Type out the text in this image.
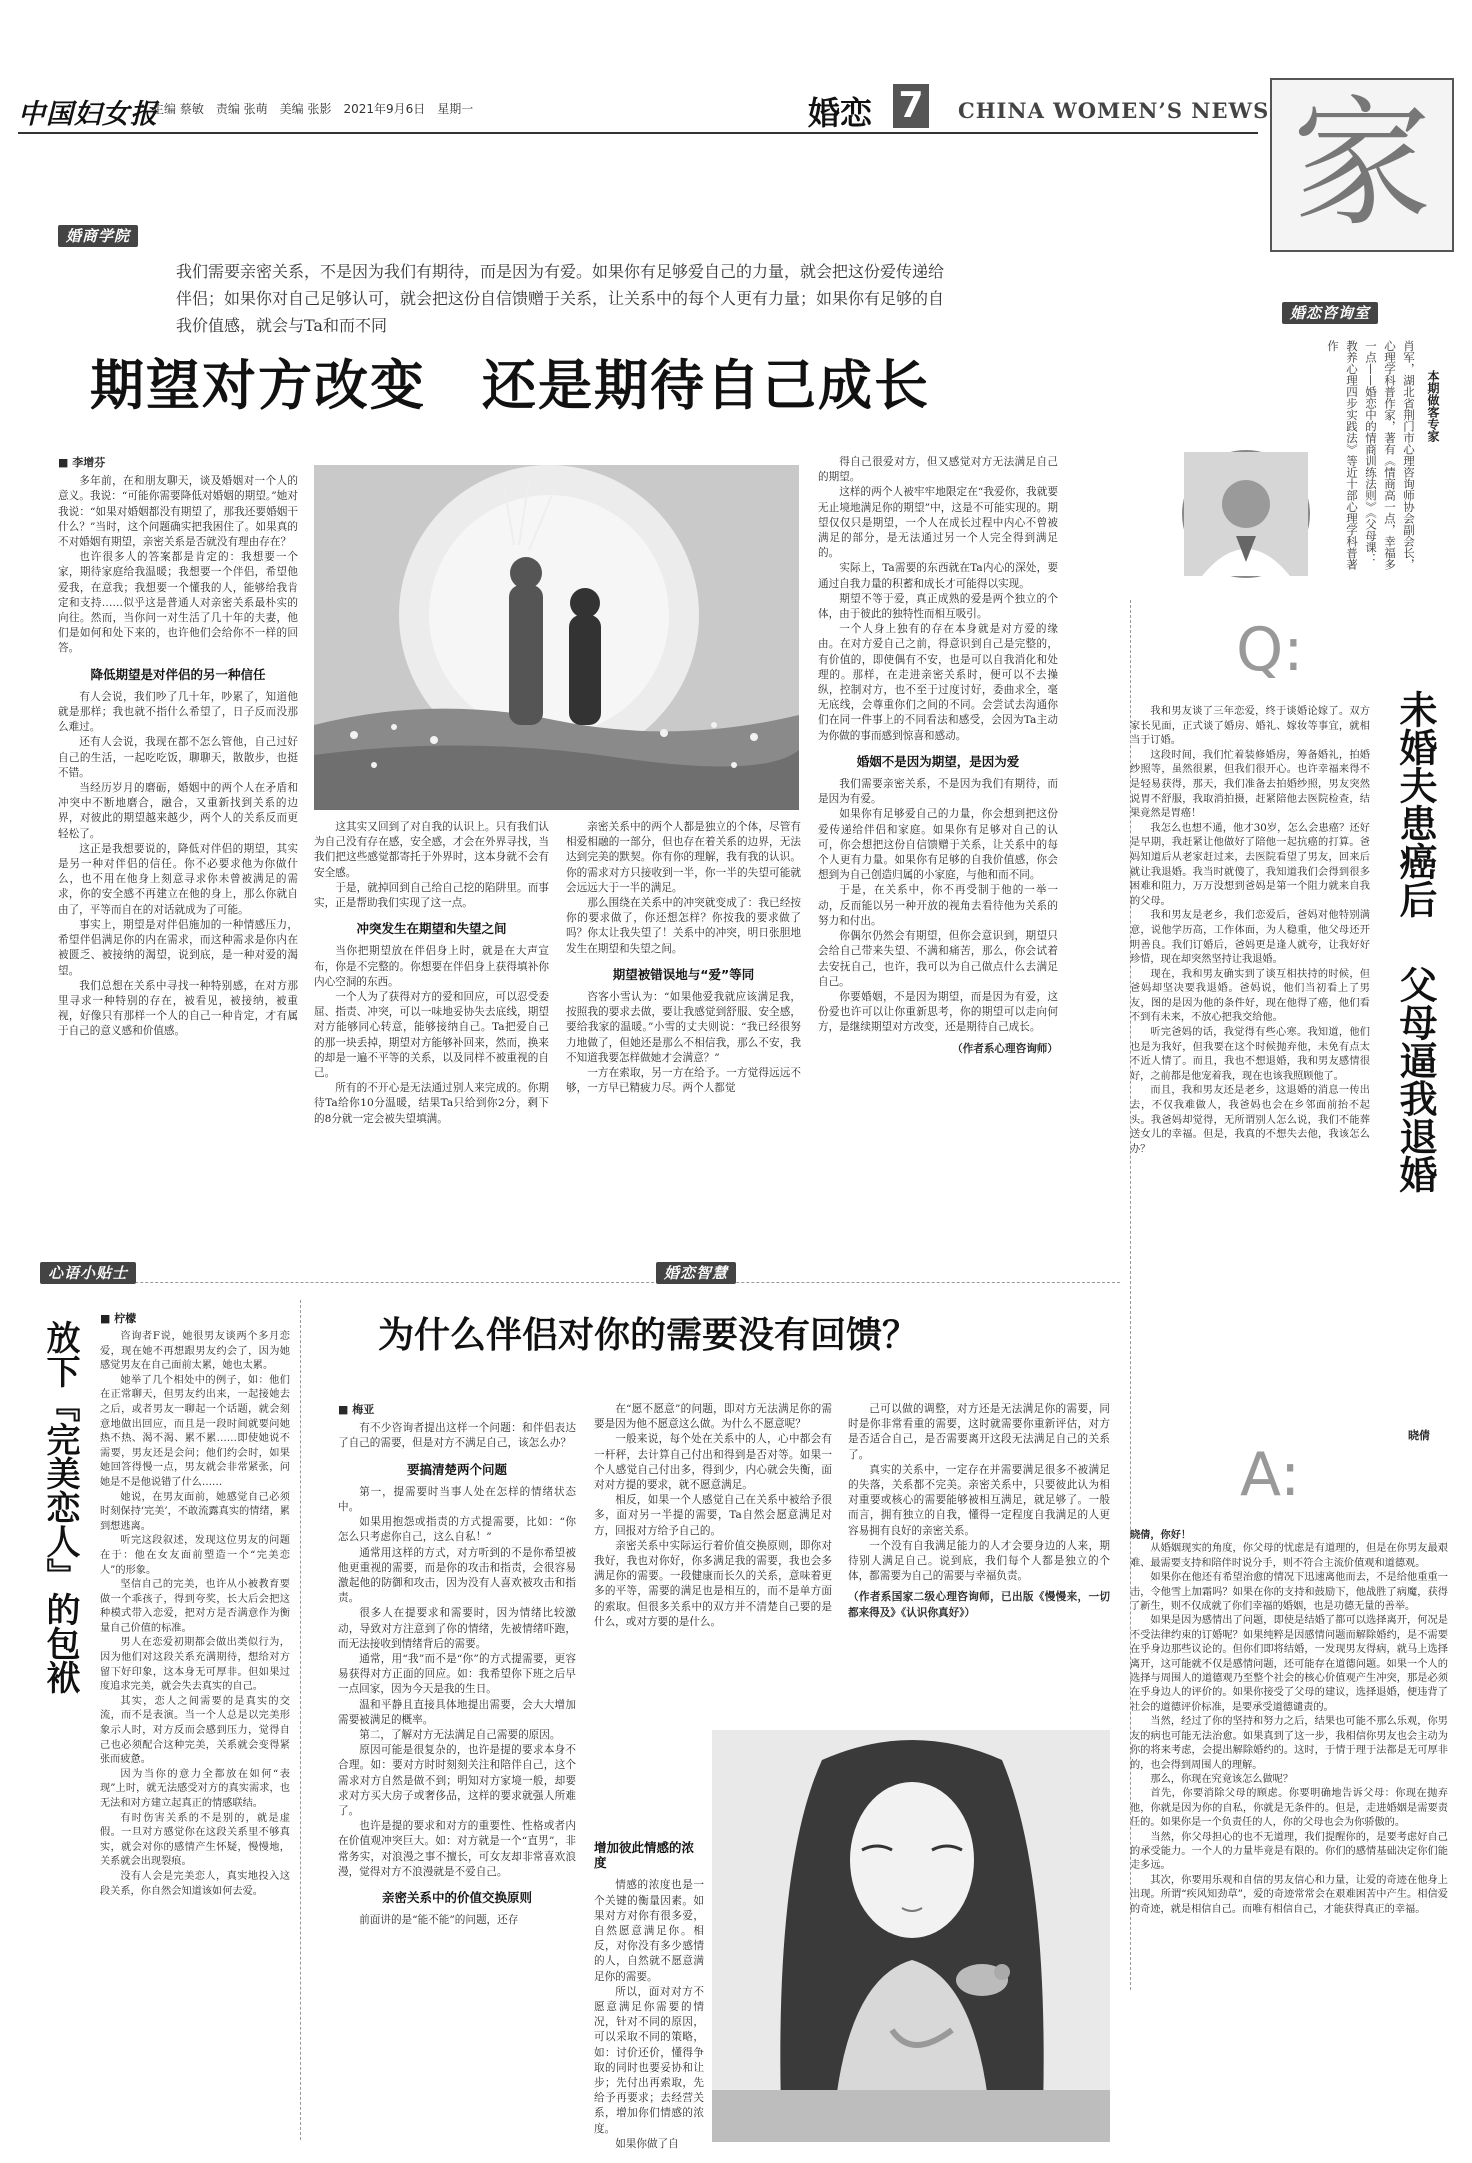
中国妇女报
主编 蔡敏　责编 张萌　美编 张影　2021年9月6日　星期一	婚恋 7 CHINA WOMEN’S NEWS 家
婚商学院
我们需要亲密关系，不是因为我们有期待，而是因为有爱。如果你有足够爱自己的力量，就会把这份爱传递给伴侣；如果你对自己足够认可，就会把这份自信馈赠于关系，让关系中的每个人更有力量；如果你有足够的自我价值感，就会与Ta和而不同
期望对方改变　还是期待自己成长
■ 李增芬

多年前，在和朋友聊天，谈及婚姻对一个人的意义。我说：“可能你需要降低对婚姻的期望。”她对我说：“如果对婚姻都没有期望了，那我还要婚姻干什么？”当时，这个问题确实把我困住了。如果真的不对婚姻有期望，亲密关系是否就没有理由存在？

也许很多人的答案都是肯定的：我想要一个家，期待家庭给我温暖；我想要一个伴侣，希望他爱我，在意我；我想要一个懂我的人，能够给我肯定和支持……似乎这是普通人对亲密关系最朴实的向往。然而，当你问一对生活了几十年的夫妻，他们是如何和处下来的，也许他们会给你不一样的回答。

降低期望是对伴侣的另一种信任

有人会说，我们吵了几十年，吵累了，知道他就是那样；我也就不指什么希望了，日子反而没那么难过。

还有人会说，我现在都不怎么管他，自己过好自己的生活，一起吃吃饭，聊聊天，散散步，也挺不错。

当经历岁月的磨砺，婚姻中的两个人在矛盾和冲突中不断地磨合，融合，又重新找到关系的边界，对彼此的期望越来越少，两个人的关系反而更轻松了。

这正是我想要说的，降低对伴侣的期望，其实是另一种对伴侣的信任。你不必要求他为你做什么，也不用在他身上刻意寻求你未曾被满足的需求，你的安全感不再建立在他的身上，那么你就自由了，平等而自在的对话就成为了可能。

事实上，期望是对伴侣施加的一种情感压力，希望伴侣满足你的内在需求，而这种需求是你内在被匮乏、被接纳的渴望，说到底，是一种对爱的渴望。

我们总想在关系中寻找一种特别感，在对方那里寻求一种特别的存在，被看见，被接纳，被重视，好像只有那样一个人的自己一种肯定，才有属于自己的意义感和价值感。

这其实又回到了对自我的认识上。只有我们认为自己没有存在感，安全感，才会在外界寻找，当我们把这些感觉都寄托于外界时，这本身就不会有安全感。

于是，就掉回到自己给自己挖的陷阱里。而事实，正是帮助我们实现了这一点。

冲突发生在期望和失望之间

当你把期望放在伴侣身上时，就是在大声宣布，你是不完整的。你想要在伴侣身上获得填补你内心空洞的东西。

一个人为了获得对方的爱和回应，可以忍受委屈、指责、冲突，可以一味地妥协失去底线，期望对方能够同心转意，能够接纳自己。Ta把爱自己的那一块丢掉，期望对方能够补回来，然而，换来的却是一遍不平等的关系，以及同样不被重视的自己。

所有的不开心是无法通过别人来完成的。你期待Ta给你10分温暖，结果Ta只给到你2分，剩下的8分就一定会被失望填满。

亲密关系中的两个人都是独立的个体，尽管有相爱相融的一部分，但也存在着关系的边界，无法达到完美的默契。你有你的理解，我有我的认识。你的需求对方只接收到一半，你一半的失望可能就会远远大于一半的满足。

那么围绕在关系中的冲突就变成了：我已经按你的要求做了，你还想怎样？你按我的要求做了吗？你太让我失望了！关系中的冲突，明日张胆地发生在期望和失望之间。

期望被错误地与“爱”等同

咨客小雪认为：“如果他爱我就应该满足我，按照我的要求去做，要让我感觉到舒服、安全感，要给我家的温暖。”小雪的丈夫则说：“我已经很努力地做了，但她还是那么不相信我，那么不安，我不知道我要怎样做她才会满意？”

一方在索取，另一方在给予。一方觉得远远不够，一方早已精疲力尽。两个人都觉

得自己很爱对方，但又感觉对方无法满足自己的期望。

这样的两个人被牢牢地限定在“我爱你，我就要无止境地满足你的期望”中，这是不可能实现的。期望仅仅只是期望，一个人在成长过程中内心不曾被满足的部分，是无法通过另一个人完全得到满足的。

实际上，Ta需要的东西就在Ta内心的深处，要通过自我力量的积蓄和成长才可能得以实现。

期望不等于爱，真正成熟的爱是两个独立的个体，由于彼此的独特性而相互吸引。

一个人身上独有的存在本身就是对方爱的缘由。在对方爱自己之前，得意识到自己是完整的，有价值的，即使偶有不安，也是可以自我消化和处理的。那样，在走进亲密关系时，便可以不去操纵，控制对方，也不至于过度讨好，委曲求全，毫无底线，会尊重你们之间的不同。会尝试去沟通你们在同一件事上的不同看法和感受，会因为Ta主动为你做的事而感到惊喜和感动。

婚姻不是因为期望，是因为爱

我们需要亲密关系，不是因为我们有期待，而是因为有爱。

如果你有足够爱自己的力量，你会想到把这份爱传递给伴侣和家庭。如果你有足够对自己的认可，你会想把这份自信馈赠于关系，让关系中的每个人更有力量。如果你有足够的自我价值感，你会想到为自己创造归属的小家庭，与他和而不同。

于是，在关系中，你不再受制于他的一举一动，反而能以另一种开放的视角去看待他为关系的努力和付出。

你偶尔仍然会有期望，但你会意识到，期望只会给自己带来失望、不满和痛苦，那么，你会试着去安抚自己，也许，我可以为自己做点什么去满足自己。

你要婚姻，不是因为期望，而是因为有爱，这份爱也许可以让你重新思考，你的期望可以走向何方，是继续期望对方改变，还是期待自己成长。

（作者系心理咨询师）
婚恋咨询室
本期做客专家
肖军，湖北省荆门市心理咨询师协会副会长，心理学科普作家，著有《情商高一点，幸福多一点——婚恋中的情商训练法则》《父母课：教养心理四步实践法》等近十部心理学科普著作
Q:
未婚夫患癌后
父母逼我退婚

我和男友谈了三年恋爱，终于谈婚论嫁了。双方家长见面，正式谈了婚房、婚礼、嫁妆等事宜，就相当于订婚。

这段时间，我们忙着装修婚房，筹备婚礼，拍婚纱照等，虽然很累，但我们很开心。也许幸福来得不是轻易获得，那天，我们准备去拍婚纱照，男友突然说胃不舒服，我取消拍摄，赶紧陪他去医院检查，结果竟然是胃癌！

我怎么也想不通，他才30岁，怎么会患癌？还好是早期，我赶紧让他做好了陪他一起抗癌的打算。爸妈知道后从老家赶过来，去医院看望了男友，回来后就让我退婚。我当时就傻了，我知道我们会得到很多困难和阻力，万万没想到爸妈是第一个阻力就来自我的父母。

我和男友是老乡，我们恋爱后，爸妈对他特别满意，说他学历高，工作体面，为人稳重，他父母还开明善良。我们订婚后，爸妈更是逢人就夸，让我好好珍惜，现在却突然坚持让我退婚。

现在，我和男友确实到了谈互相扶持的时候，但爸妈却坚决要我退婚。爸妈说，他们当初看上了男友，图的是因为他的条件好，现在他得了癌，他们看不到有未来，不放心把我交给他。

听完爸妈的话，我觉得有些心寒。我知道，他们也是为我好，但我要在这个时候抛弃他，未免有点太不近人情了。而且，我也不想退婚，我和男友感情很好，之前都是他宠着我，现在也该我照顾他了。

而且，我和男友还是老乡，这退婚的消息一传出去，不仅我难做人，我爸妈也会在乡邻面前抬不起头。我爸妈却觉得，无所谓别人怎么说，我们不能葬送女儿的幸福。但是，我真的不想失去他，我该怎么办？

晓倩
A:

晓倩，你好！

从婚姻现实的角度，你父母的忧虑是有道理的，但是在你男友最艰难、最需要支持和陪伴时说分手，则不符合主流价值观和道德观。

如果你在他还有希望治愈的情况下迅速离他而去，不是给他重重一击，令他雪上加霜吗？如果在你的支持和鼓励下，他战胜了病魔，获得了新生，则不仅成就了你们幸福的婚姻，也是功德无量的善举。

如果是因为感情出了问题，即使是结婚了都可以选择离开，何况是不受法律约束的订婚呢？如果纯粹是因感情问题而解除婚约，是不需要在乎身边那些议论的。但你们即将结婚，一发现男友得病，就马上选择离开，这可能就不仅是感情问题，还可能存在道德问题。如果一个人的选择与周围人的道德观乃至整个社会的核心价值观产生冲突，那是必须在乎身边人的评价的。如果你接受了父母的建议，选择退婚，便违背了社会的道德评价标准，是要承受道德谴责的。

当然，经过了你的坚持和努力之后，结果也可能不那么乐观，你男友的病也可能无法治愈。如果真到了这一步，我相信你男友也会主动为你的将来考虑，会提出解除婚约的。这时，于情于理于法都是无可厚非的，也会得到周围人的理解。

那么，你现在究竟该怎么做呢？

首先，你要消除父母的顾虑。你要明确地告诉父母：你现在抛弃他，你就是因为你的自私，你就是无条件的。但是，走进婚姻是需要责任的。如果你是一个负责任的人，你的父母也会为你骄傲的。

当然，你父母担心的也不无道理，我们提醒你的，是要考虑好自己的承受能力。一个人的力量毕竟是有限的。你们的感情基础决定你们能走多远。

其次，你要用乐观和自信的男友信心和力量，让爱的奇迹在他身上出现。所谓“疾风知劲草”，爱的奇迹常常会在艰难困苦中产生。相信爱的奇迹，就是相信自己。而唯有相信自己，才能获得真正的幸福。

心语小贴士
放下『完美恋人』的包袱
■ 柠檬

咨询者F说，她很男友谈两个多月恋爱，现在她不再想跟男友约会了，因为她感觉男友在自己面前太累，她也太累。

她举了几个相处中的例子，如：他们在正常聊天，但男友约出来，一起接她去之后，或者男友一聊起一个话题，就会刻意地做出回应，而且是一段时间就要问她热不热、渴不渴、累不累……即使她说不需要，男友还是会问；他们约会时，如果她回答得慢一点，男友就会非常紧张，问她是不是他说错了什么……

她说，在男友面前，她感觉自己必须时刻保持‘完美’，不敢流露真实的情绪，累到想逃离。

听完这段叙述，发现这位男友的问题在于：他在女友面前塑造一个“完美恋人”的形象。

坚信自己的完美，也许从小被教育要做一个乖孩子，得到夸奖，长大后会把这种模式带入恋爱，把对方是否满意作为衡量自己价值的标准。

男人在恋爱初期都会做出类似行为，因为他们对这段关系充满期待，想给对方留下好印象，这本身无可厚非。但如果过度追求完美，就会失去真实的自己。

其实，恋人之间需要的是真实的交流，而不是表演。当一个人总是以完美形象示人时，对方反而会感到压力，觉得自己也必须配合这种完美，关系就会变得紧张而疲惫。

因为当你的意力全都放在如何“表现”上时，就无法感受对方的真实需求，也无法和对方建立起真正的情感联结。

有时伤害关系的不是别的，就是虚假。一旦对方感觉你在这段关系里不够真实，就会对你的感情产生怀疑，慢慢地，关系就会出现裂痕。

没有人会是完美恋人，真实地投入这段关系，你自然会知道该如何去爱。

婚恋智慧
为什么伴侣对你的需要没有回馈？
■ 梅亚

有不少咨询者提出这样一个问题：和伴侣表达了自己的需要，但是对方不满足自己，该怎么办？

要搞清楚两个问题

第一，提需要时当事人处在怎样的情绪状态中。

如果用抱怨或指责的方式提需要，比如：“你怎么只考虑你自己，这么自私！”

通常用这样的方式，对方听到的不是你希望被他更重视的需要，而是你的攻击和指责，会很容易激起他的防御和攻击，因为没有人喜欢被攻击和指责。

很多人在提要求和需要时，因为情绪比较激动，导致对方注意到了你的情绪，先被情绪吓跑，而无法接收到情绪背后的需要。

通常，用“我”而不是“你”的方式提需要，更容易获得对方正面的回应。如：我希望你下班之后早一点回家，因为今天是我的生日。

温和平静且直接具体地提出需要，会大大增加需要被满足的概率。

第二，了解对方无法满足自己需要的原因。

原因可能是很复杂的，也许是提的要求本身不合理。如：要对方时时刻刻关注和陪伴自己，这个需求对方自然是做不到；明知对方家境一般，却要求对方买大房子或奢侈品，这样的要求就强人所难了。

也许是提的要求和对方的重要性、性格或者内在价值观冲突巨大。如：对方就是一个“直男”，非常务实，对浪漫之事不擅长，可女友却非常喜欢浪漫，觉得对方不浪漫就是不爱自己。

亲密关系中的价值交换原则

前面讲的是“能不能”的问题，还存

在“愿不愿意”的问题，即对方无法满足你的需要是因为他不愿意这么做。为什么不愿意呢？

一般来说，每个处在关系中的人，心中都会有一杆秤，去计算自己付出和得到是否对等。如果一个人感觉自己付出多，得到少，内心就会失衡，面对对方提的要求，就不愿意满足。

相反，如果一个人感觉自己在关系中被给予很多，面对另一半提的需要，Ta自然会愿意满足对方，回报对方给予自己的。

亲密关系中实际运行着价值交换原则，即你对我好，我也对你好，你多满足我的需要，我也会多满足你的需要。一段健康而长久的关系，意味着更多的平等，需要的满足也是相互的，而不是单方面的索取。但很多关系中的双方并不清楚自己要的是什么，或对方要的是什么。

增加彼此情感的浓度

情感的浓度也是一个关键的衡量因素。如果对方对你有很多爱，自然愿意满足你。相反，对你没有多少感情的人，自然就不愿意满足你的需要。

所以，面对对方不愿意满足你需要的情况，针对不同的原因，可以采取不同的策略，如：讨价还价，懂得争取的同时也要妥协和让步；先付出再索取，先给予再要求；去经营关系，增加你们情感的浓度。

如果你做了自

己可以做的调整，对方还是无法满足你的需要，同时是你非常看重的需要，这时就需要你重新评估，对方是否适合自己，是否需要离开这段无法满足自己的关系了。

真实的关系中，一定存在并需要满足很多不被满足的失落，关系都不完美。亲密关系中，只要彼此认为相对重要或核心的需要能够被相互满足，就足够了。一般而言，拥有独立的自我，懂得一定程度自我满足的人更容易拥有良好的亲密关系。

一个没有自我满足能力的人才会要身边的人来，期待别人满足自己。说到底，我们每个人都是独立的个体，都需要为自己的需要与幸福负责。

（作者系国家二级心理咨询师，已出版《慢慢来，一切都来得及》《认识你真好》）
